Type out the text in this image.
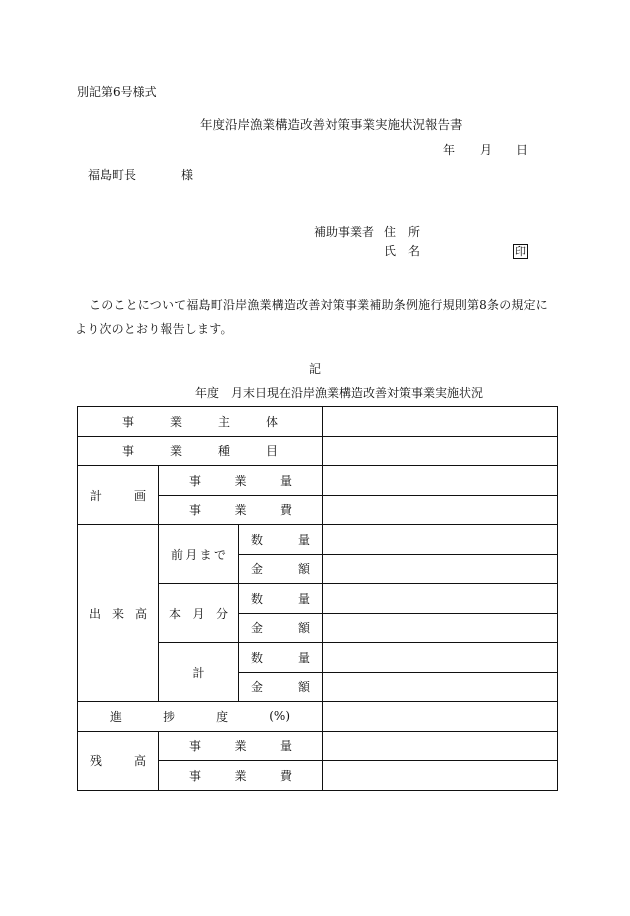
別記第6号様式
年度沿岸漁業構造改善対策事業実施状況報告書
年 月 日
福島町長	様
補助事業者 住 所
氏 名	印
このことについて福島町沿岸漁業構造改善対策事業補助条例施行規則第8条の規定により次のとおり報告します。
記
年度　月末日現在沿岸漁業構造改善対策事業実施状況
事 業 主 体			

事 業 種 目			

計 画	事 業 量		

	事 業 費		

出 来 高	前 月 ま で	数 量	

		金 額	

	本 月 分	数 量	

		金 額	

	計	数 量	

		金 額	

進 捗 度 (%)			

残 高	事 業 量		

	事 業 費		
